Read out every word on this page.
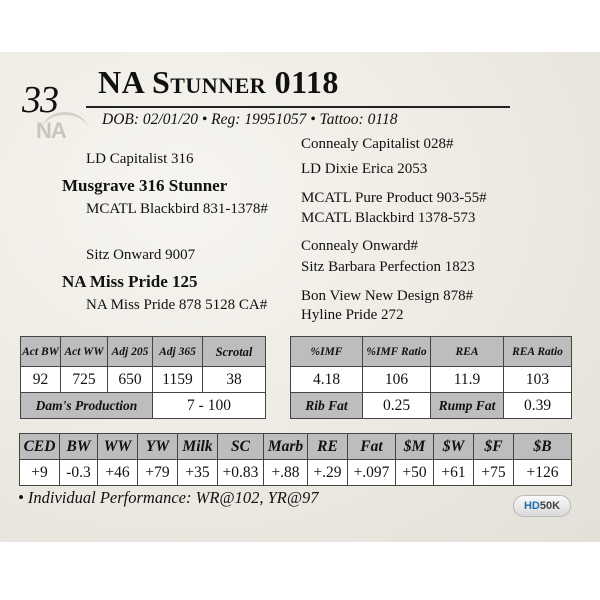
33
NA
NA Stunner 0118
DOB: 02/01/20 • Reg: 19951057 • Tattoo: 0118
LD Capitalist 316
Musgrave 316 Stunner
MCATL Blackbird 831-1378#
Sitz Onward 9007
NA Miss Pride 125
NA Miss Pride 878 5128 CA#
Connealy Capitalist 028#
LD Dixie Erica 2053
MCATL Pure Product 903-55#
MCATL Blackbird 1378-573
Connealy Onward#
Sitz Barbara Perfection 1823
Bon View New Design 878#
Hyline Pride 272
Act BW	Act WW	Adj 205	Adj 365	Scrotal
92	725	650	1159	38
Dam's Production			7 - 100	
%IMF	%IMF Ratio	REA	REA Ratio
4.18	106	11.9	103
Rib Fat	0.25	Rump Fat	0.39
CED	BW	WW	YW	Milk	SC	Marb	RE	Fat	$M	$W	$F	$B
+9	-0.3	+46	+79	+35	+0.83	+.88	+.29	+.097	+50	+61	+75	+126
• Individual Performance: WR@102, YR@97	HD50K
